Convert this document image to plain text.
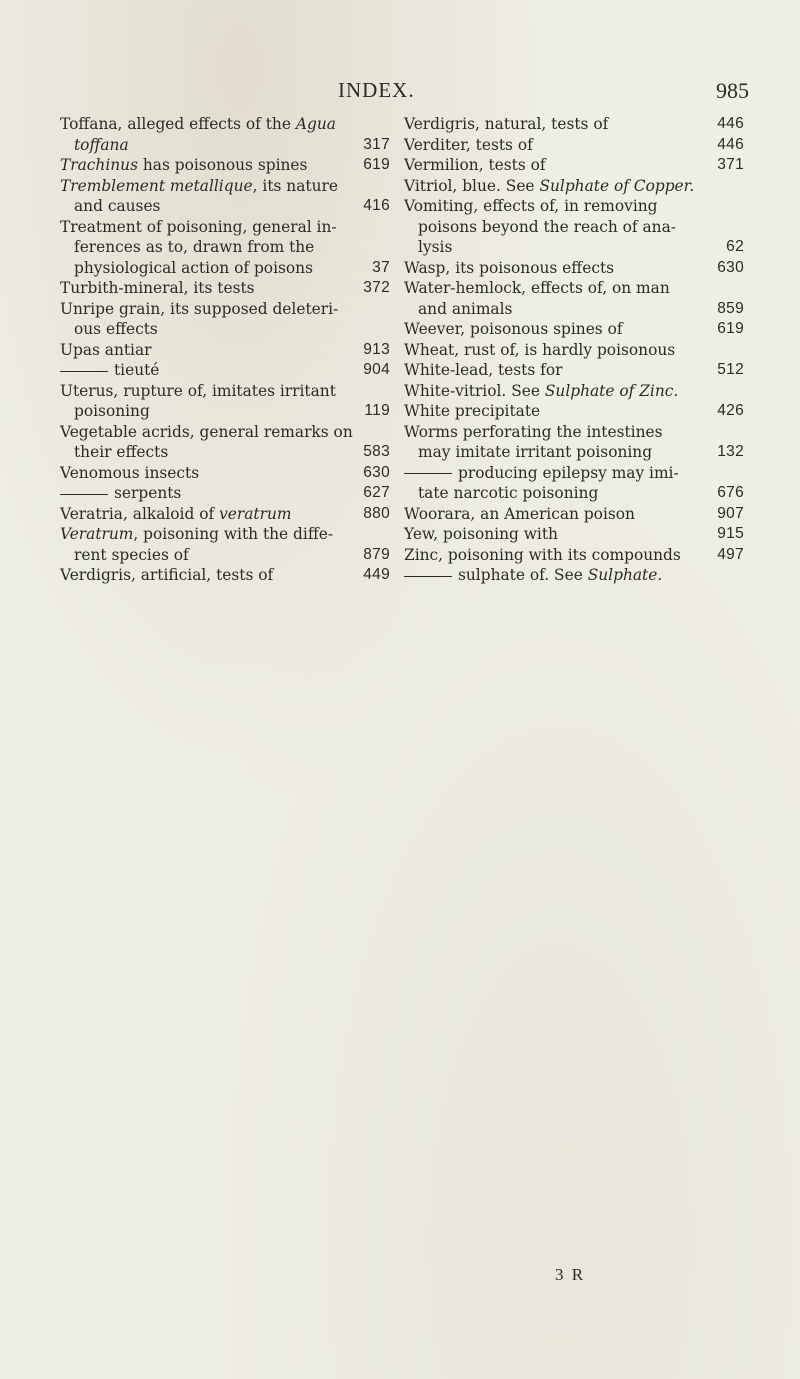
INDEX.	985
Toffana, alleged effects of the Agua
toffana	317
Trachinus has poisonous spines	619
Tremblement metallique, its nature
and causes	416
Treatment of poisoning, general in-
ferences as to, drawn from the
physiological action of poisons	37
Turbith-mineral, its tests	372
Unripe grain, its supposed deleteri-
ous effects
Upas antiar	913
tieuté	904
Uterus, rupture of, imitates irritant
poisoning	119
Vegetable acrids, general remarks on
their effects	583
Venomous insects	630
serpents	627
Veratria, alkaloid of veratrum	880
Veratrum, poisoning with the diffe-
rent species of	879
Verdigris, artificial, tests of	449
Verdigris, natural, tests of	446
Verditer, tests of	446
Vermilion, tests of	371
Vitriol, blue. See Sulphate of Copper.
Vomiting, effects of, in removing
poisons beyond the reach of ana-
lysis	62
Wasp, its poisonous effects	630
Water-hemlock, effects of, on man
and animals	859
Weever, poisonous spines of	619
Wheat, rust of, is hardly poisonous
White-lead, tests for	512
White-vitriol. See Sulphate of Zinc.
White precipitate	426
Worms perforating the intestines
may imitate irritant poisoning	132
producing epilepsy may imi-
tate narcotic poisoning	676
Woorara, an American poison	907
Yew, poisoning with	915
Zinc, poisoning with its compounds 497
sulphate of. See Sulphate.
3 R
